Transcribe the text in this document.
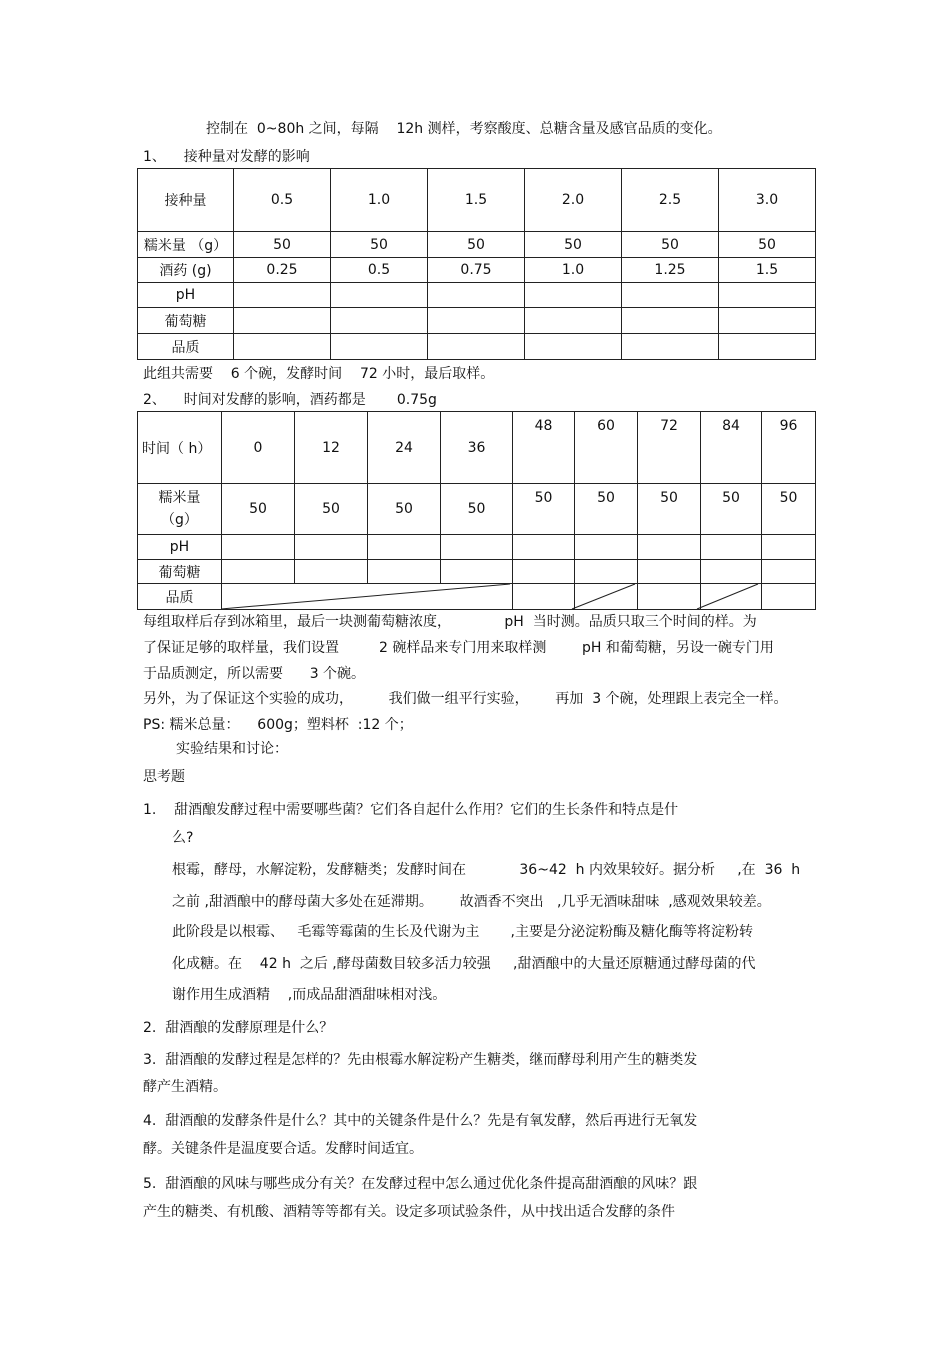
控制在  0~80h 之间，每隔    12h 测样，考察酸度、总糖含量及感官品质的变化。
1、    接种量对发酵的影响
接种量	0.5	1.0	1.5	2.0	2.5	3.0
糯米量 （g）	50	50	50	50	50	50
酒药 (g)	0.25	0.5	0.75	1.0	1.25	1.5
pH						
葡萄糖						
品质						
此组共需要    6 个碗，发酵时间    72 小时，最后取样。
2、    时间对发酵的影响，酒药都是       0.75g
时间（ h）	0	12	24	36	48	60	72	84	96

糯米量
（g）	50	50	50	50	50	50	50	50	50
pH									
葡萄糖									
品质									
每组取样后存到冰箱里，最后一块测葡萄糖浓度，            pH  当时测。品质只取三个时间的样。为
了保证足够的取样量，我们设置         2 碗样品来专门用来取样测        pH 和葡萄糖，另设一碗专门用
于品质测定，所以需要      3 个碗。
另外，为了保证这个实验的成功，        我们做一组平行实验，      再加  3 个碗，处理跟上表完全一样。
PS: 糯米总量：    600g；塑料杯  :12 个；
实验结果和讨论：
思考题
1.    甜酒酿发酵过程中需要哪些菌？它们各自起什么作用？它们的生长条件和特点是什
么?
根霉，酵母，水解淀粉，发酵糖类；发酵时间在            36~42  h 内效果较好。据分析     ,在  36  h
之前 ,甜酒酿中的酵母菌大多处在延滞期。      故酒香不突出   ,几乎无酒味甜味  ,感观效果较差。
此阶段是以根霉、   毛霉等霉菌的生长及代谢为主       ,主要是分泌淀粉酶及糖化酶等将淀粉转
化成糖。在    42 h  之后 ,酵母菌数目较多活力较强     ,甜酒酿中的大量还原糖通过酵母菌的代
谢作用生成酒精    ,而成品甜酒甜味相对浅。
2.  甜酒酿的发酵原理是什么？
3.  甜酒酿的发酵过程是怎样的？先由根霉水解淀粉产生糖类，继而酵母利用产生的糖类发
酵产生酒精。
4.  甜酒酿的发酵条件是什么？其中的关键条件是什么？先是有氧发酵，然后再进行无氧发
酵。关键条件是温度要合适。发酵时间适宜。
5.  甜酒酿的风味与哪些成分有关？在发酵过程中怎么通过优化条件提高甜酒酿的风味？跟
产生的糖类、有机酸、酒精等等都有关。设定多项试验条件，从中找出适合发酵的条件
